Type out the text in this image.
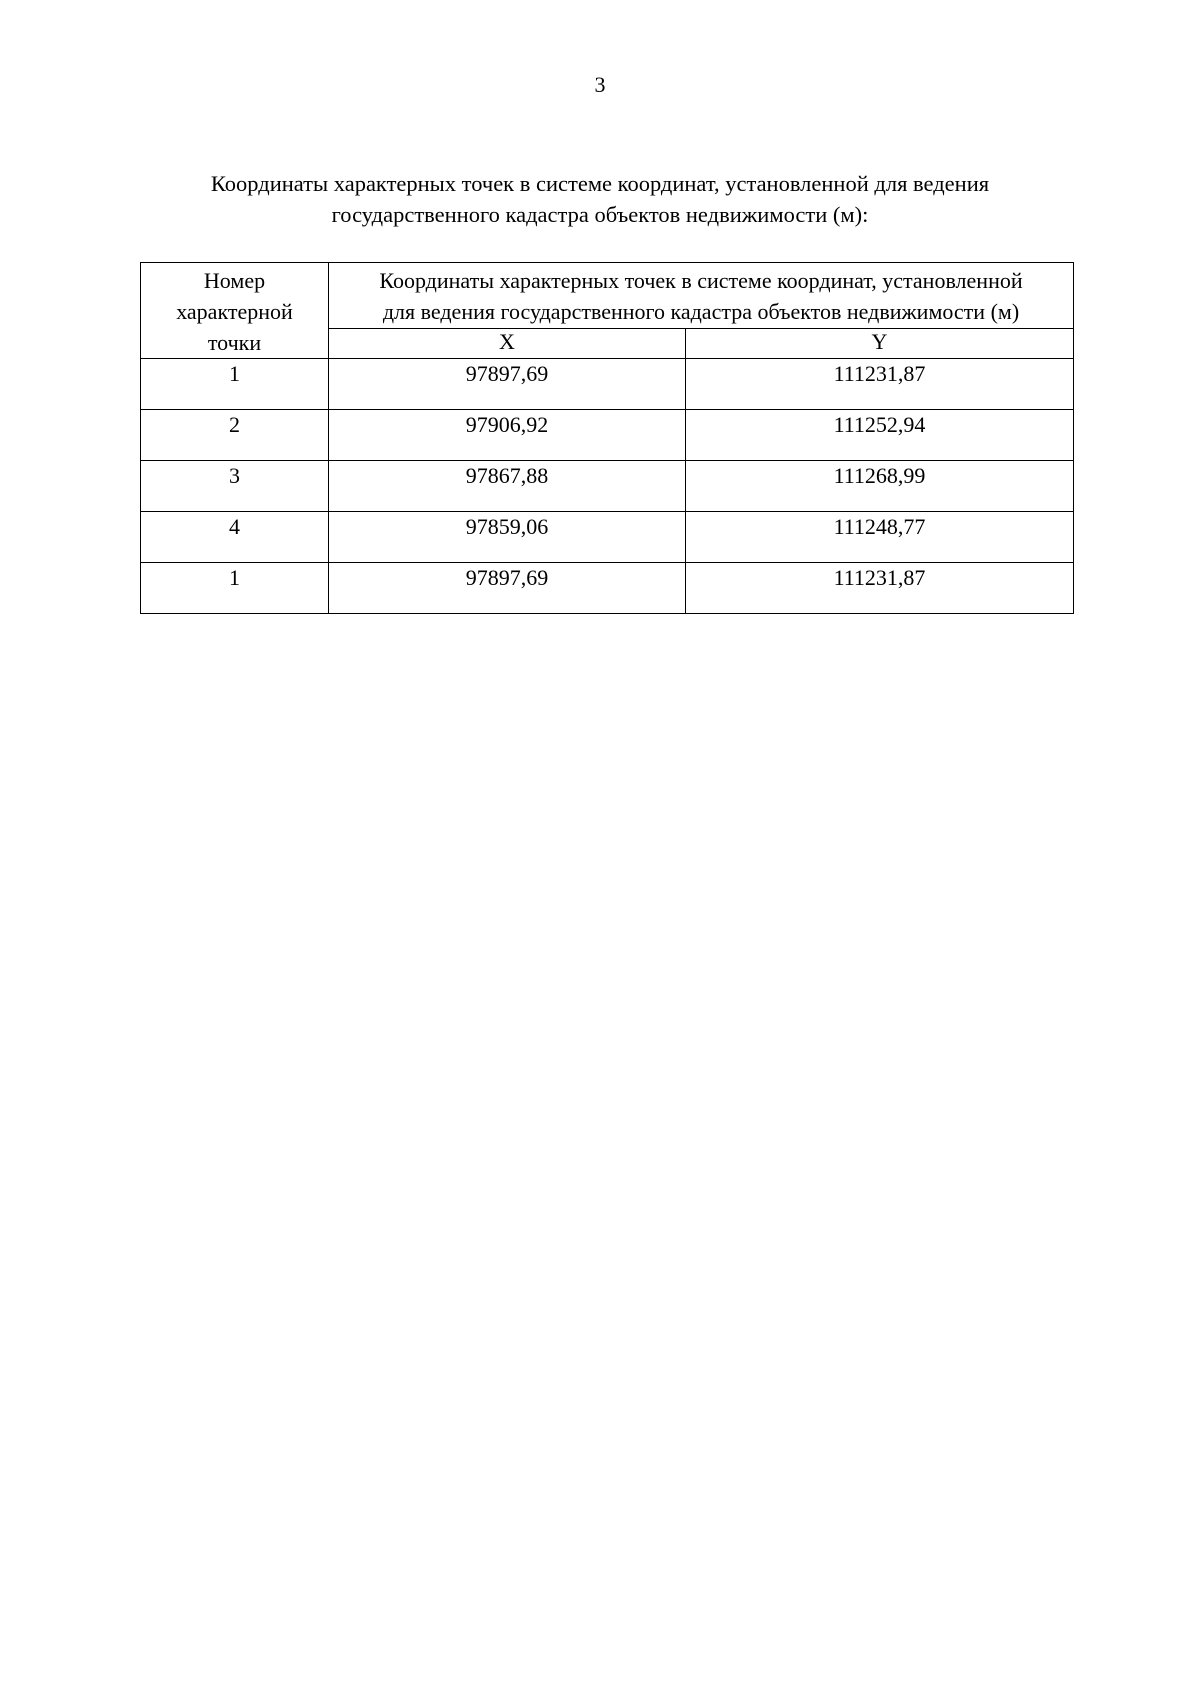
3
Координаты характерных точек в системе координат, установленной для ведения
государственного кадастра объектов недвижимости (м):
Номер
характерной
точки	Координаты характерных точек в системе координат, установленной
для ведения государственного кадастра объектов недвижимости (м)	

	X	Y
1	97897,69	111231,87
2	97906,92	111252,94
3	97867,88	111268,99
4	97859,06	111248,77
1	97897,69	111231,87
